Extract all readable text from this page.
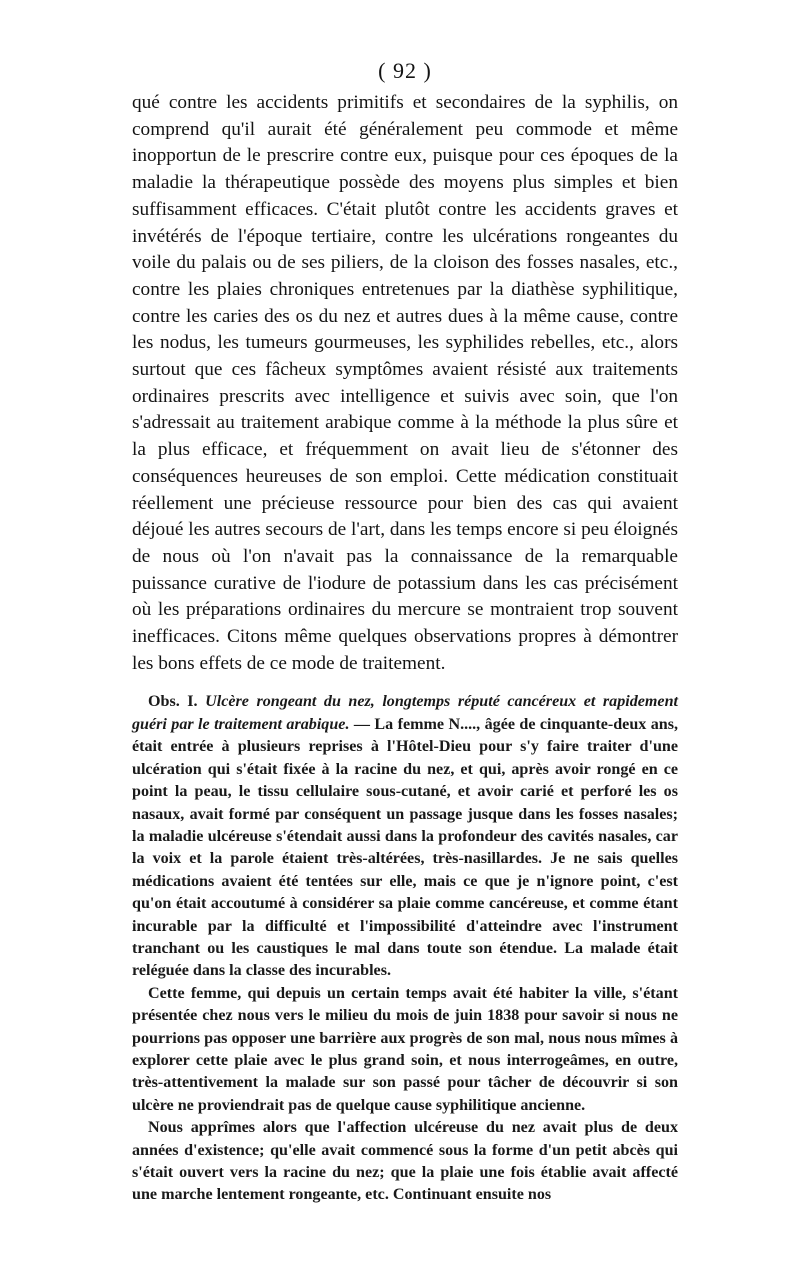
( 92 )

qué contre les accidents primitifs et secondaires de la syphilis, on comprend qu'il aurait été généralement peu commode et même inopportun de le prescrire contre eux, puisque pour ces époques de la maladie la thérapeutique possède des moyens plus simples et bien suffisamment efficaces. C'était plutôt contre les accidents graves et invétérés de l'époque tertiaire, contre les ulcérations rongeantes du voile du palais ou de ses piliers, de la cloison des fosses nasales, etc., contre les plaies chroniques entretenues par la diathèse syphilitique, contre les caries des os du nez et autres dues à la même cause, contre les nodus, les tumeurs gourmeuses, les syphilides rebelles, etc., alors surtout que ces fâcheux symptômes avaient résisté aux traitements ordinaires prescrits avec intelligence et suivis avec soin, que l'on s'adressait au traitement arabique comme à la méthode la plus sûre et la plus efficace, et fréquemment on avait lieu de s'étonner des conséquences heureuses de son emploi. Cette médication constituait réellement une précieuse ressource pour bien des cas qui avaient déjoué les autres secours de l'art, dans les temps encore si peu éloignés de nous où l'on n'avait pas la connaissance de la remarquable puissance curative de l'iodure de potassium dans les cas précisément où les préparations ordinaires du mercure se montraient trop souvent inefficaces. Citons même quelques observations propres à démontrer les bons effets de ce mode de traitement.

Obs. I. Ulcère rongeant du nez, longtemps réputé cancéreux et rapidement guéri par le traitement arabique. — La femme N...., âgée de cinquante-deux ans, était entrée à plusieurs reprises à l'Hôtel-Dieu pour s'y faire traiter d'une ulcération qui s'était fixée à la racine du nez, et qui, après avoir rongé en ce point la peau, le tissu cellulaire sous-cutané, et avoir carié et perforé les os nasaux, avait formé par conséquent un passage jusque dans les fosses nasales; la maladie ulcéreuse s'étendait aussi dans la profondeur des cavités nasales, car la voix et la parole étaient très-altérées, très-nasillardes. Je ne sais quelles médications avaient été tentées sur elle, mais ce que je n'ignore point, c'est qu'on était accoutumé à considérer sa plaie comme cancéreuse, et comme étant incurable par la difficulté et l'impossibilité d'atteindre avec l'instrument tranchant ou les caustiques le mal dans toute son étendue. La malade était reléguée dans la classe des incurables.

Cette femme, qui depuis un certain temps avait été habiter la ville, s'étant présentée chez nous vers le milieu du mois de juin 1838 pour savoir si nous ne pourrions pas opposer une barrière aux progrès de son mal, nous nous mîmes à explorer cette plaie avec le plus grand soin, et nous interrogeâmes, en outre, très-attentivement la malade sur son passé pour tâcher de découvrir si son ulcère ne proviendrait pas de quelque cause syphilitique ancienne.

Nous apprîmes alors que l'affection ulcéreuse du nez avait plus de deux années d'existence; qu'elle avait commencé sous la forme d'un petit abcès qui s'était ouvert vers la racine du nez; que la plaie une fois établie avait affecté une marche lentement rongeante, etc. Continuant ensuite nos
